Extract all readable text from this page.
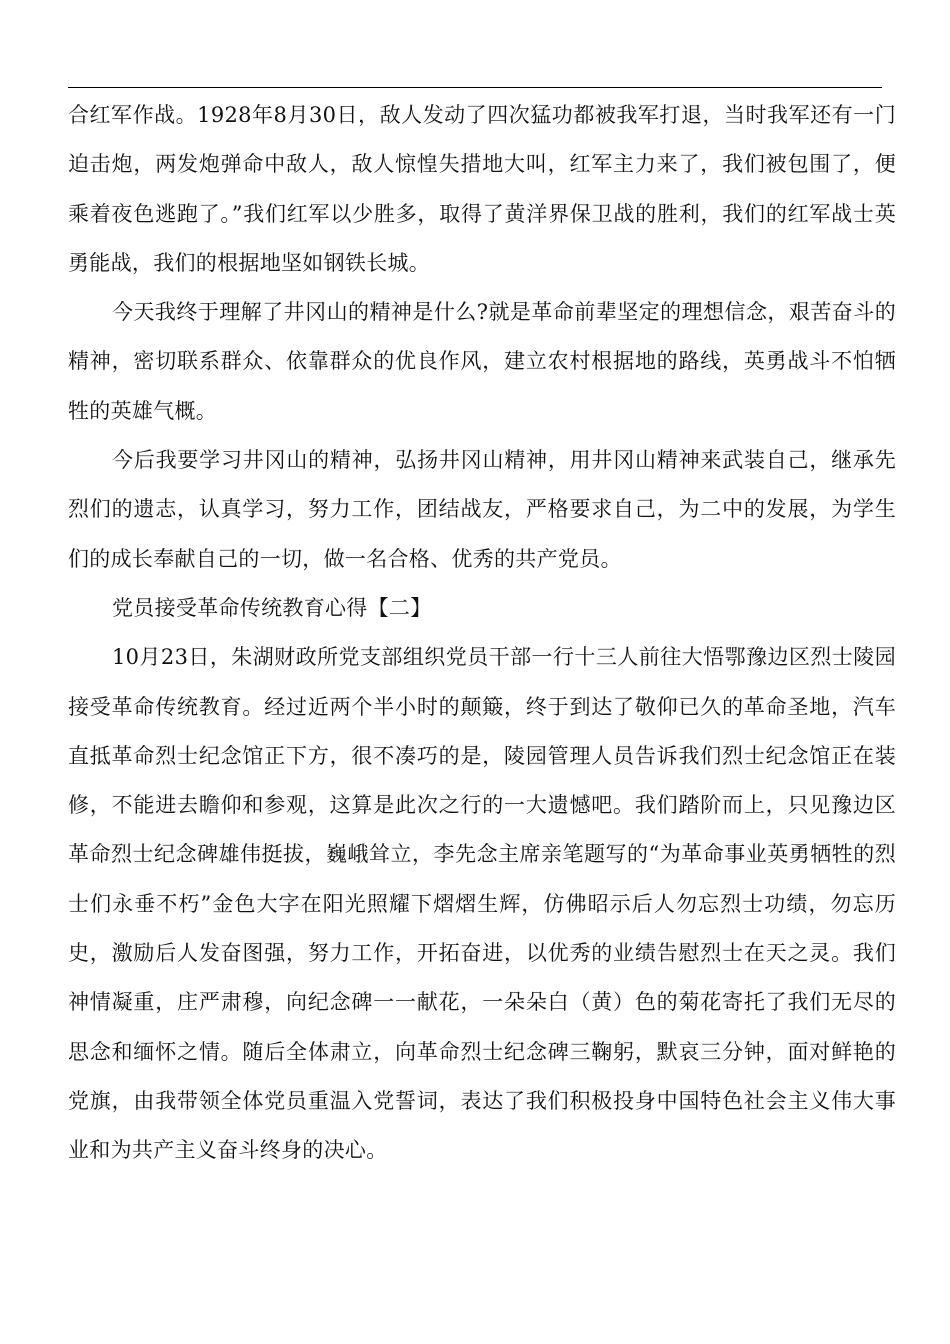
合红军作战。1928年8月30日，敌人发动了四次猛功都被我军打退，当时我军还有一门迫击炮，两发炮弹命中敌人，敌人惊惶失措地大叫，红军主力来了，我们被包围了，便乘着夜色逃跑了。”我们红军以少胜多，取得了黄洋界保卫战的胜利，我们的红军战士英勇能战，我们的根据地坚如钢铁长城。

今天我终于理解了井冈山的精神是什么?就是革命前辈坚定的理想信念，艰苦奋斗的精神，密切联系群众、依靠群众的优良作风，建立农村根据地的路线，英勇战斗不怕牺牲的英雄气概。

今后我要学习井冈山的精神，弘扬井冈山精神，用井冈山精神来武装自己，继承先烈们的遗志，认真学习，努力工作，团结战友，严格要求自己，为二中的发展，为学生们的成长奉献自己的一切，做一名合格、优秀的共产党员。

党员接受革命传统教育心得【二】

10月23日，朱湖财政所党支部组织党员干部一行十三人前往大悟鄂豫边区烈士陵园接受革命传统教育。经过近两个半小时的颠簸，终于到达了敬仰已久的革命圣地，汽车直抵革命烈士纪念馆正下方，很不凑巧的是，陵园管理人员告诉我们烈士纪念馆正在装修，不能进去瞻仰和参观，这算是此次之行的一大遗憾吧。我们踏阶而上，只见豫边区革命烈士纪念碑雄伟挺拔，巍峨耸立，李先念主席亲笔题写的“为革命事业英勇牺牲的烈士们永垂不朽”金色大字在阳光照耀下熠熠生辉，仿佛昭示后人勿忘烈士功绩，勿忘历史，激励后人发奋图强，努力工作，开拓奋进，以优秀的业绩告慰烈士在天之灵。我们神情凝重，庄严肃穆，向纪念碑一一献花，一朵朵白（黄）色的菊花寄托了我们无尽的思念和缅怀之情。随后全体肃立，向革命烈士纪念碑三鞠躬，默哀三分钟，面对鲜艳的党旗，由我带领全体党员重温入党誓词，表达了我们积极投身中国特色社会主义伟大事业和为共产主义奋斗终身的决心。
